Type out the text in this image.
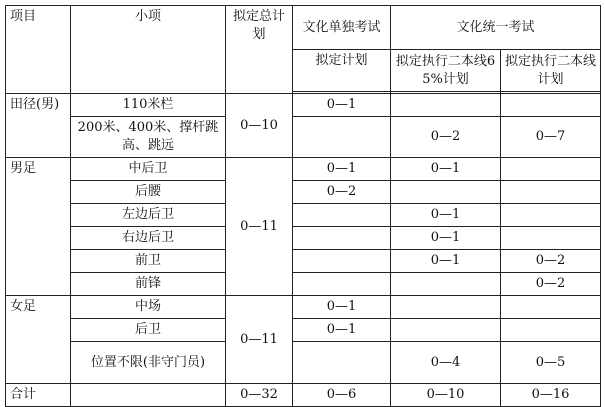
项目	小项	拟定总计划	文化单独考试	文化统一考试	
			拟定计划	拟定执行二本线65%计划	拟定执行二本线计划

田径(男)	110米栏	0—10	0—1		
	200米、400米、撑杆跳高、跳远			0—2	0—7
男足	中后卫	0—11	0—1	0—1	
	后腰		0—2		
	左边后卫			0—1	
	右边后卫			0—1	
	前卫			0—1	0—2
	前锋				0—2
女足	中场	0—11	0—1		
	后卫		0—1		
	位置不限(非守门员)			0—4	0—5
合计		0—32	0—6	0—10	0—16
